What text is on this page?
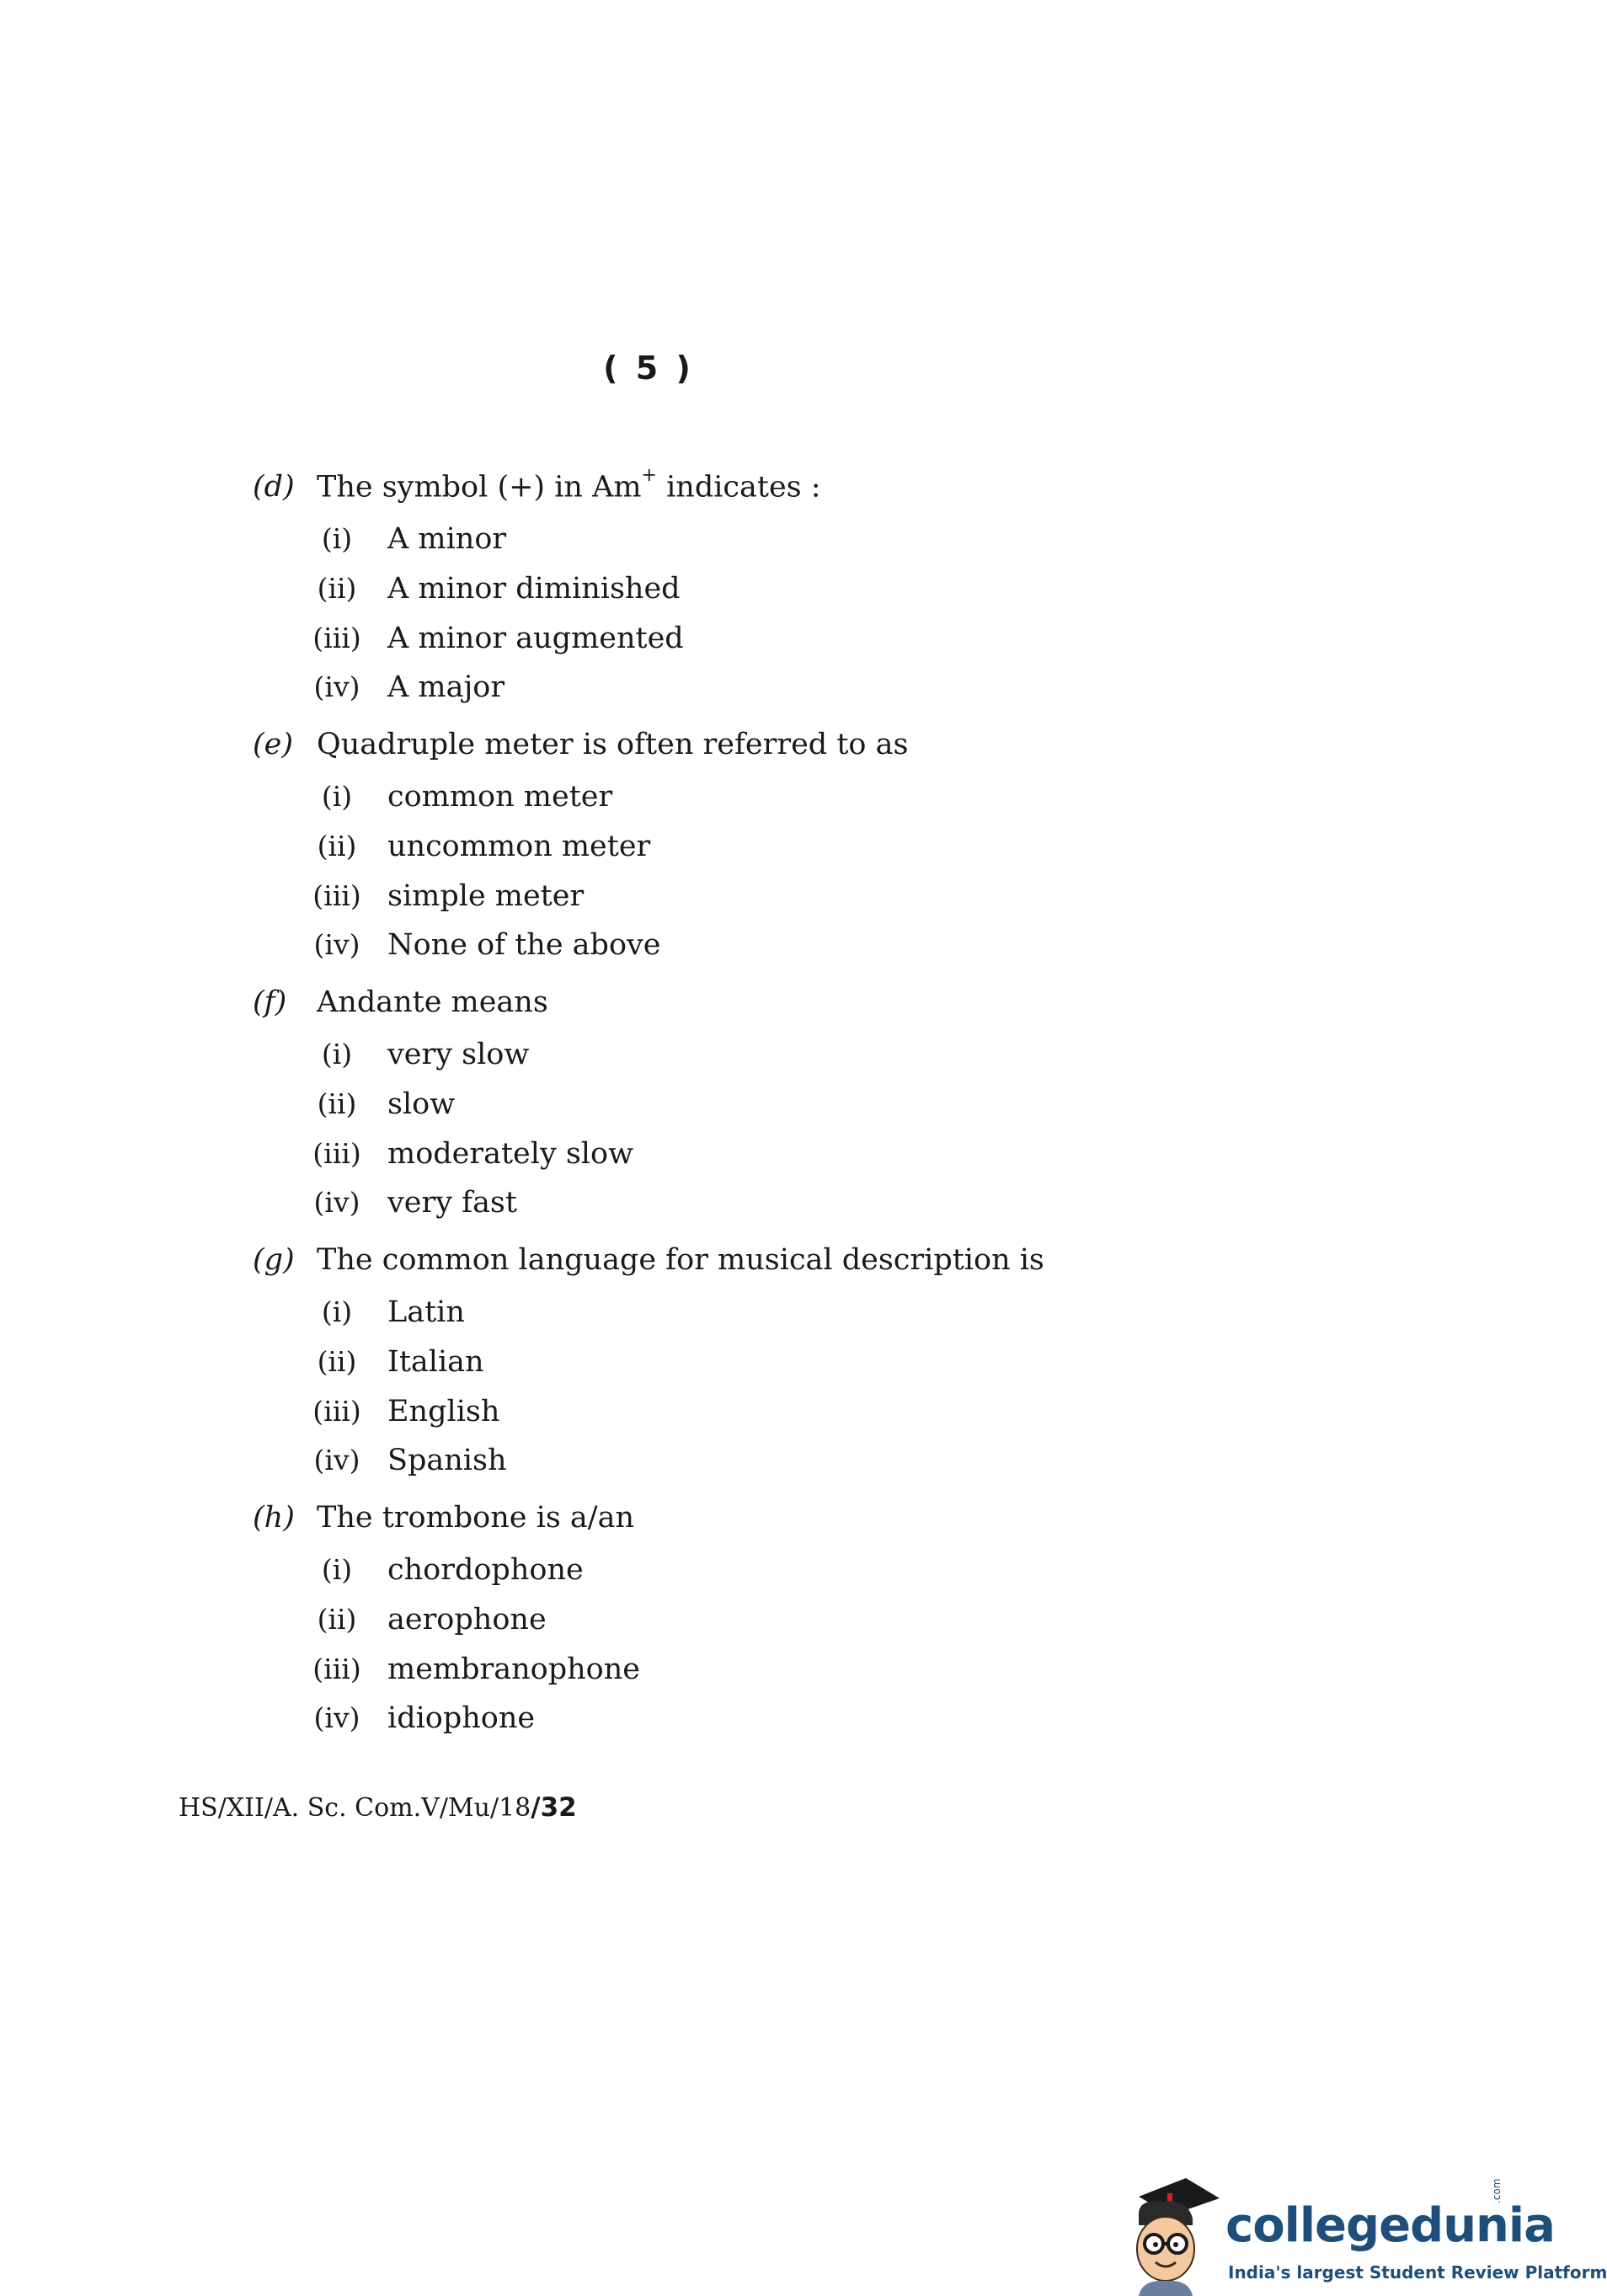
( 5 )
(d) The symbol (+) in Am+ indicates :
(i)	A minor
(ii)	A minor diminished
(iii) A minor augmented
(iv) A major
(e) Quadruple meter is often referred to as
(i)	common meter
(ii)	uncommon meter
(iii) simple meter
(iv) None of the above
(f) Andante means
(i)	very slow
(ii)	slow
(iii) moderately slow
(iv) very fast
(g) The common language for musical description is
(i)	Latin
(ii)	Italian
(iii) English
(iv) Spanish
(h) The trombone is a/an
(i)	chordophone
(ii)	aerophone
(iii) membranophone
(iv) idiophone
HS/XII/A. Sc. Com.V/Mu/18/32
collegedunia
.com
India's largest Student Review Platform
